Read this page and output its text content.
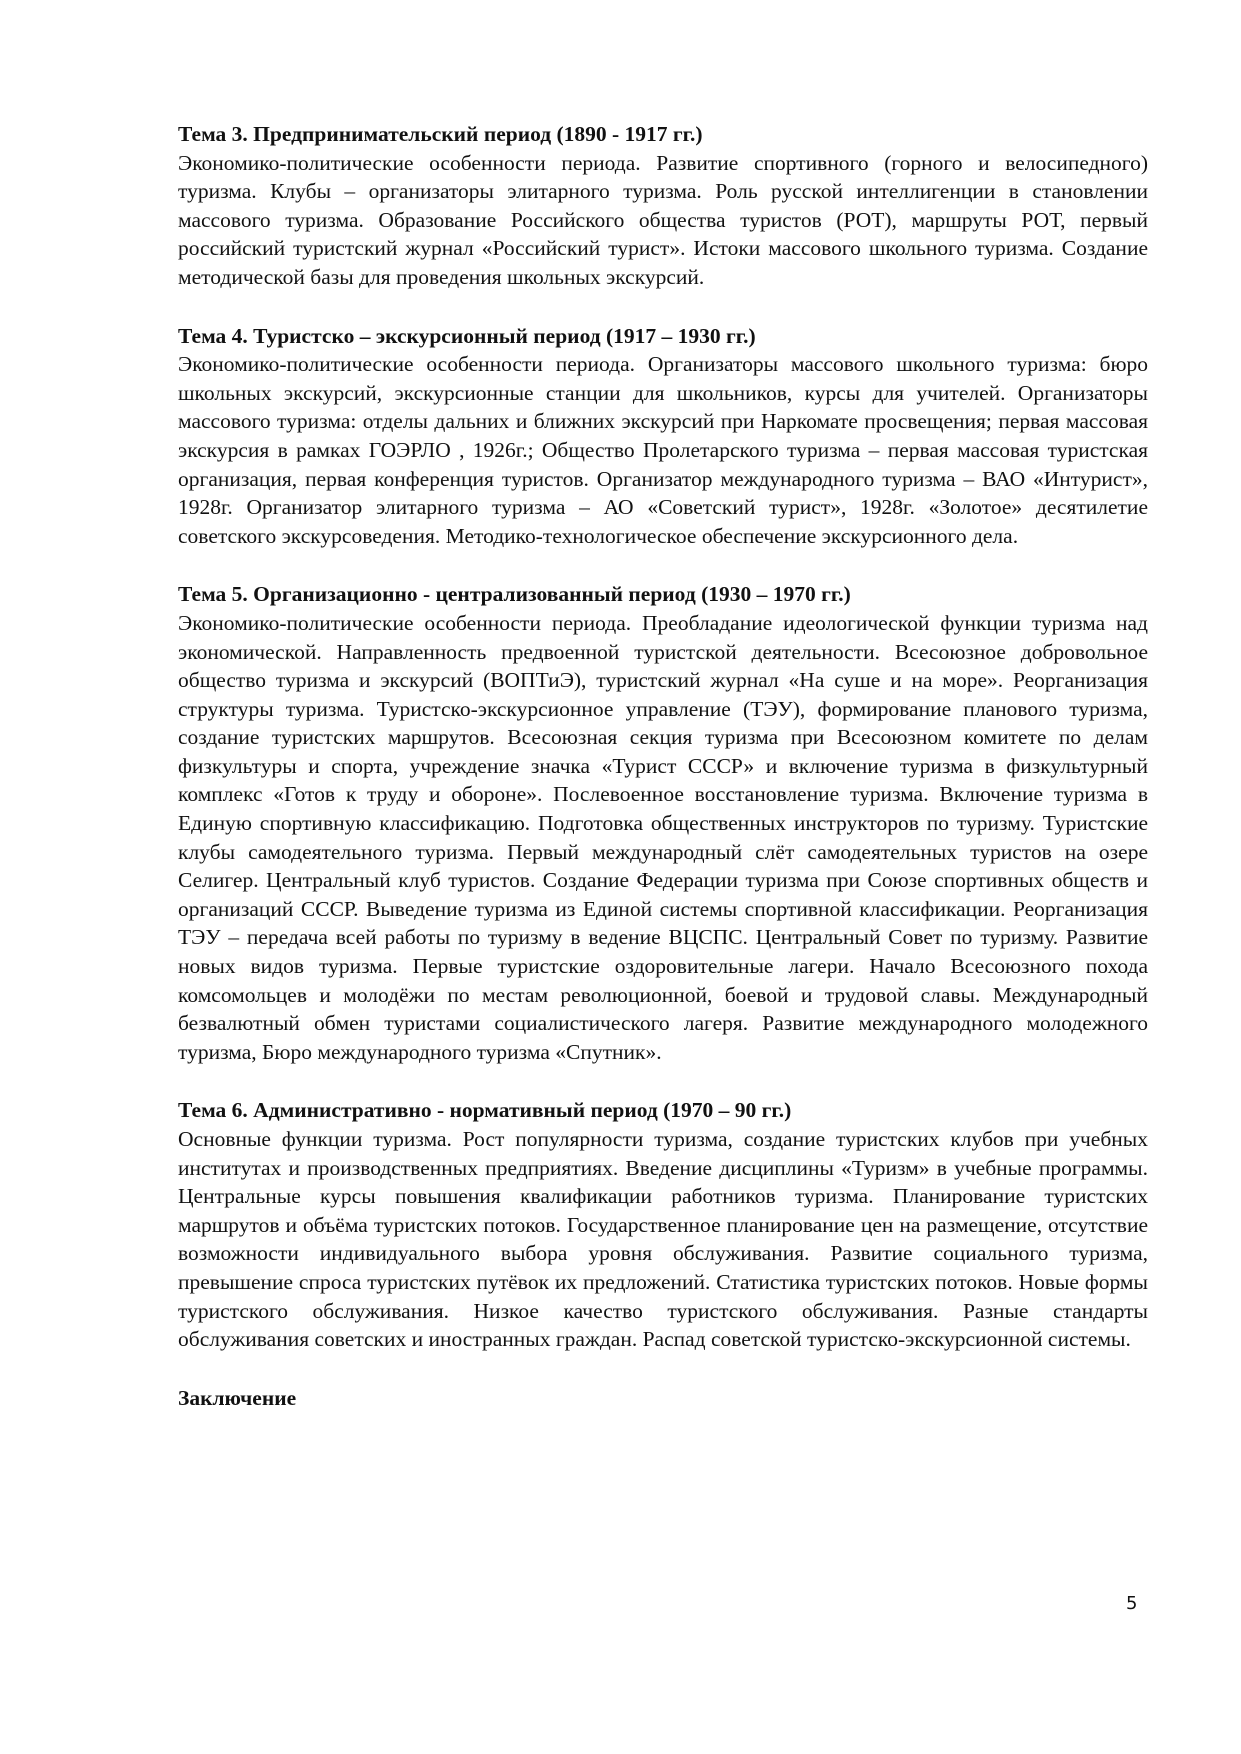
Тема 3. Предпринимательский период (1890 - 1917 гг.)

Экономико-политические особенности периода. Развитие спортивного (горного и велосипедного) туризма. Клубы – организаторы элитарного туризма. Роль русской интеллигенции в становлении массового туризма. Образование Российского общества туристов (РОТ), маршруты РОТ, первый российский туристский журнал «Российский турист». Истоки массового школьного туризма. Создание методической базы для проведения школьных экскурсий.

Тема 4. Туристско – экскурсионный период (1917 – 1930 гг.)

Экономико-политические особенности периода. Организаторы массового школьного туризма: бюро школьных экскурсий, экскурсионные станции для школьников, курсы для учителей. Организаторы массового туризма: отделы дальних и ближних экскурсий при Наркомате просвещения; первая массовая экскурсия в рамках ГОЭРЛО , 1926г.; Общество Пролетарского туризма – первая массовая туристская организация, первая конференция туристов. Организатор международного туризма – ВАО «Интурист», 1928г. Организатор элитарного туризма – АО «Советский турист», 1928г. «Золотое» десятилетие советского экскурсоведения. Методико-технологическое обеспечение экскурсионного дела.

Тема 5. Организационно - централизованный период (1930 – 1970 гг.)

Экономико-политические особенности периода. Преобладание идеологической функции туризма над экономической. Направленность предвоенной туристской деятельности. Всесоюзное добровольное общество туризма и экскурсий (ВОПТиЭ), туристский журнал «На суше и на море». Реорганизация структуры туризма. Туристско-экскурсионное управление (ТЭУ), формирование планового туризма, создание туристских маршрутов. Всесоюзная секция туризма при Всесоюзном комитете по делам физкультуры и спорта, учреждение значка «Турист СССР» и включение туризма в физкультурный комплекс «Готов к труду и обороне». Послевоенное восстановление туризма. Включение туризма в Единую спортивную классификацию. Подготовка общественных инструкторов по туризму. Туристские клубы самодеятельного туризма. Первый международный слёт самодеятельных туристов на озере Селигер. Центральный клуб туристов. Создание Федерации туризма при Союзе спортивных обществ и организаций СССР. Выведение туризма из Единой системы спортивной классификации. Реорганизация ТЭУ – передача всей работы по туризму в ведение ВЦСПС. Центральный Совет по туризму. Развитие новых видов туризма. Первые туристские оздоровительные лагери. Начало Всесоюзного похода комсомольцев и молодёжи по местам революционной, боевой и трудовой славы. Международный безвалютный обмен туристами социалистического лагеря. Развитие международного молодежного туризма, Бюро международного туризма «Спутник».

Тема 6. Административно - нормативный период (1970 – 90 гг.)

Основные функции туризма. Рост популярности туризма, создание туристских клубов при учебных институтах и производственных предприятиях. Введение дисциплины «Туризм» в учебные программы. Центральные курсы повышения квалификации работников туризма. Планирование туристских маршрутов и объёма туристских потоков. Государственное планирование цен на размещение, отсутствие возможности индивидуального выбора уровня обслуживания. Развитие социального туризма, превышение спроса туристских путёвок их предложений. Статистика туристских потоков. Новые формы туристского обслуживания. Низкое качество туристского обслуживания. Разные стандарты обслуживания советских и иностранных граждан. Распад советской туристско-экскурсионной системы.

Заключение
5
